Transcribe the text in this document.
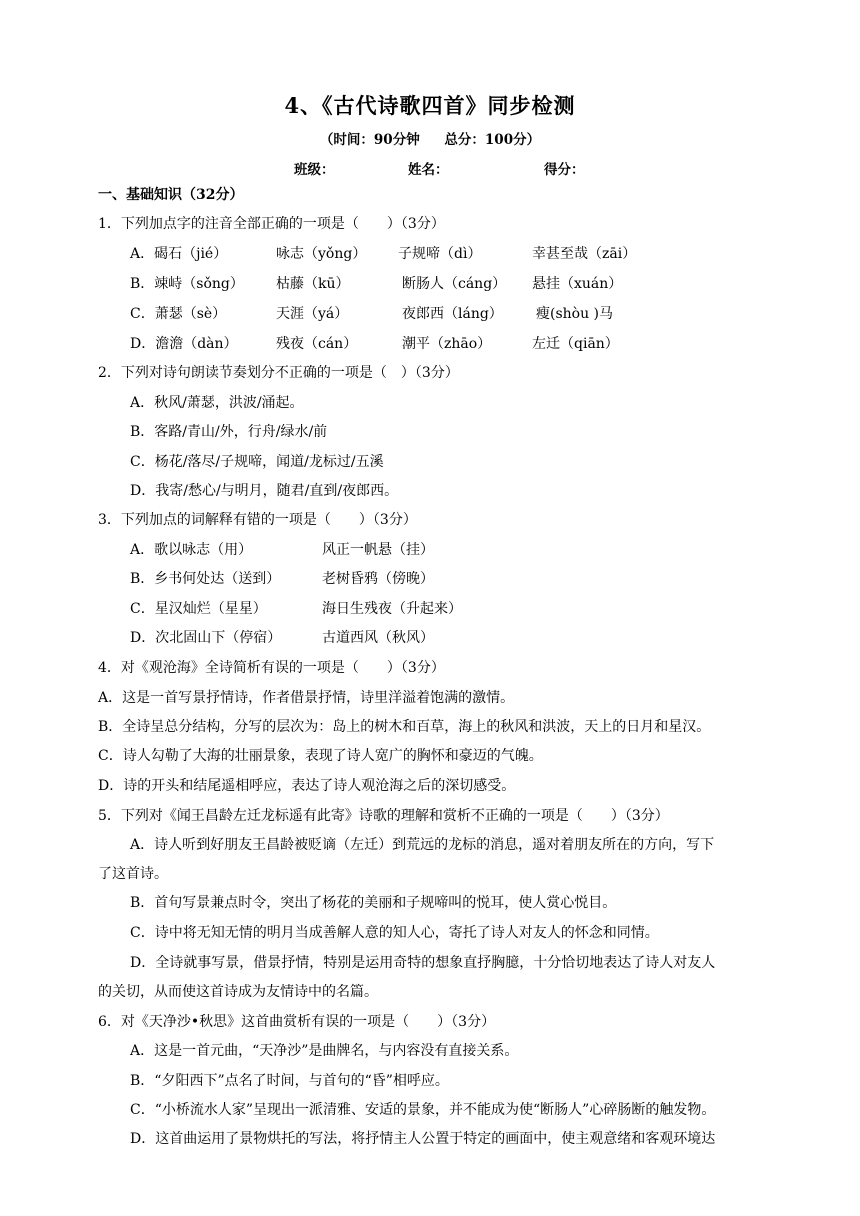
4、《古代诗歌四首》同步检测
（时间：90分钟 总分：100分）
班级：	姓名：	得分：
一、基础知识（32分）
1．下列加点字的注音全部正确的一项是（　　）（3分）
A．碣石（jié）	咏志（yǒng） 子规啼（dì）	幸甚至哉（zāi）
B．竦峙（sǒng） 枯藤（kū）	断肠人（cáng） 悬挂（xuán）
C．萧瑟（sè）	天涯（yá）	夜郎西（láng） 瘦(shòu )马
D．澹澹（dàn）	残夜（cán）	潮平（zhāo）	左迁（qiān）
2．下列对诗句朗读节奏划分不正确的一项是（　）（3分）
A．秋风/萧瑟，洪波/涌起。
B．客路/青山/外，行舟/绿水/前
C．杨花/落尽/子规啼，闻道/龙标过/五溪
D．我寄/愁心/与明月，随君/直到/夜郎西。
3．下列加点的词解释有错的一项是（　　）（3分）
A．歌以咏志（用）	风正一帆悬（挂）
B．乡书何处达（送到）	老树昏鸦（傍晚）
C．星汉灿烂（星星）	海日生残夜（升起来）
D．次北固山下（停宿）	古道西风（秋风）
4．对《观沧海》全诗简析有误的一项是（　　）（3分）
A．这是一首写景抒情诗，作者借景抒情，诗里洋溢着饱满的激情。
B．全诗呈总分结构，分写的层次为：岛上的树木和百草，海上的秋风和洪波，天上的日月和星汉。
C．诗人勾勒了大海的壮丽景象，表现了诗人宽广的胸怀和豪迈的气魄。
D．诗的开头和结尾遥相呼应，表达了诗人观沧海之后的深切感受。
5．下列对《闻王昌龄左迁龙标遥有此寄》诗歌的理解和赏析不正确的一项是（　　）（3分）
A．诗人听到好朋友王昌龄被贬谪（左迁）到荒远的龙标的消息，遥对着朋友所在的方向，写下
了这首诗。
B．首句写景兼点时令，突出了杨花的美丽和子规啼叫的悦耳，使人赏心悦目。
C．诗中将无知无情的明月当成善解人意的知人心，寄托了诗人对友人的怀念和同情。
D．全诗就事写景，借景抒情，特别是运用奇特的想象直抒胸臆，十分恰切地表达了诗人对友人
的关切，从而使这首诗成为友情诗中的名篇。
6．对《天净沙•秋思》这首曲赏析有误的一项是（　　）（3分）
A．这是一首元曲，“天净沙”是曲牌名，与内容没有直接关系。
B．“夕阳西下”点名了时间，与首句的“昏”相呼应。
C．“小桥流水人家”呈现出一派清雅、安适的景象，并不能成为使“断肠人”心碎肠断的触发物。
D．这首曲运用了景物烘托的写法，将抒情主人公置于特定的画面中，使主观意绪和客观环境达
